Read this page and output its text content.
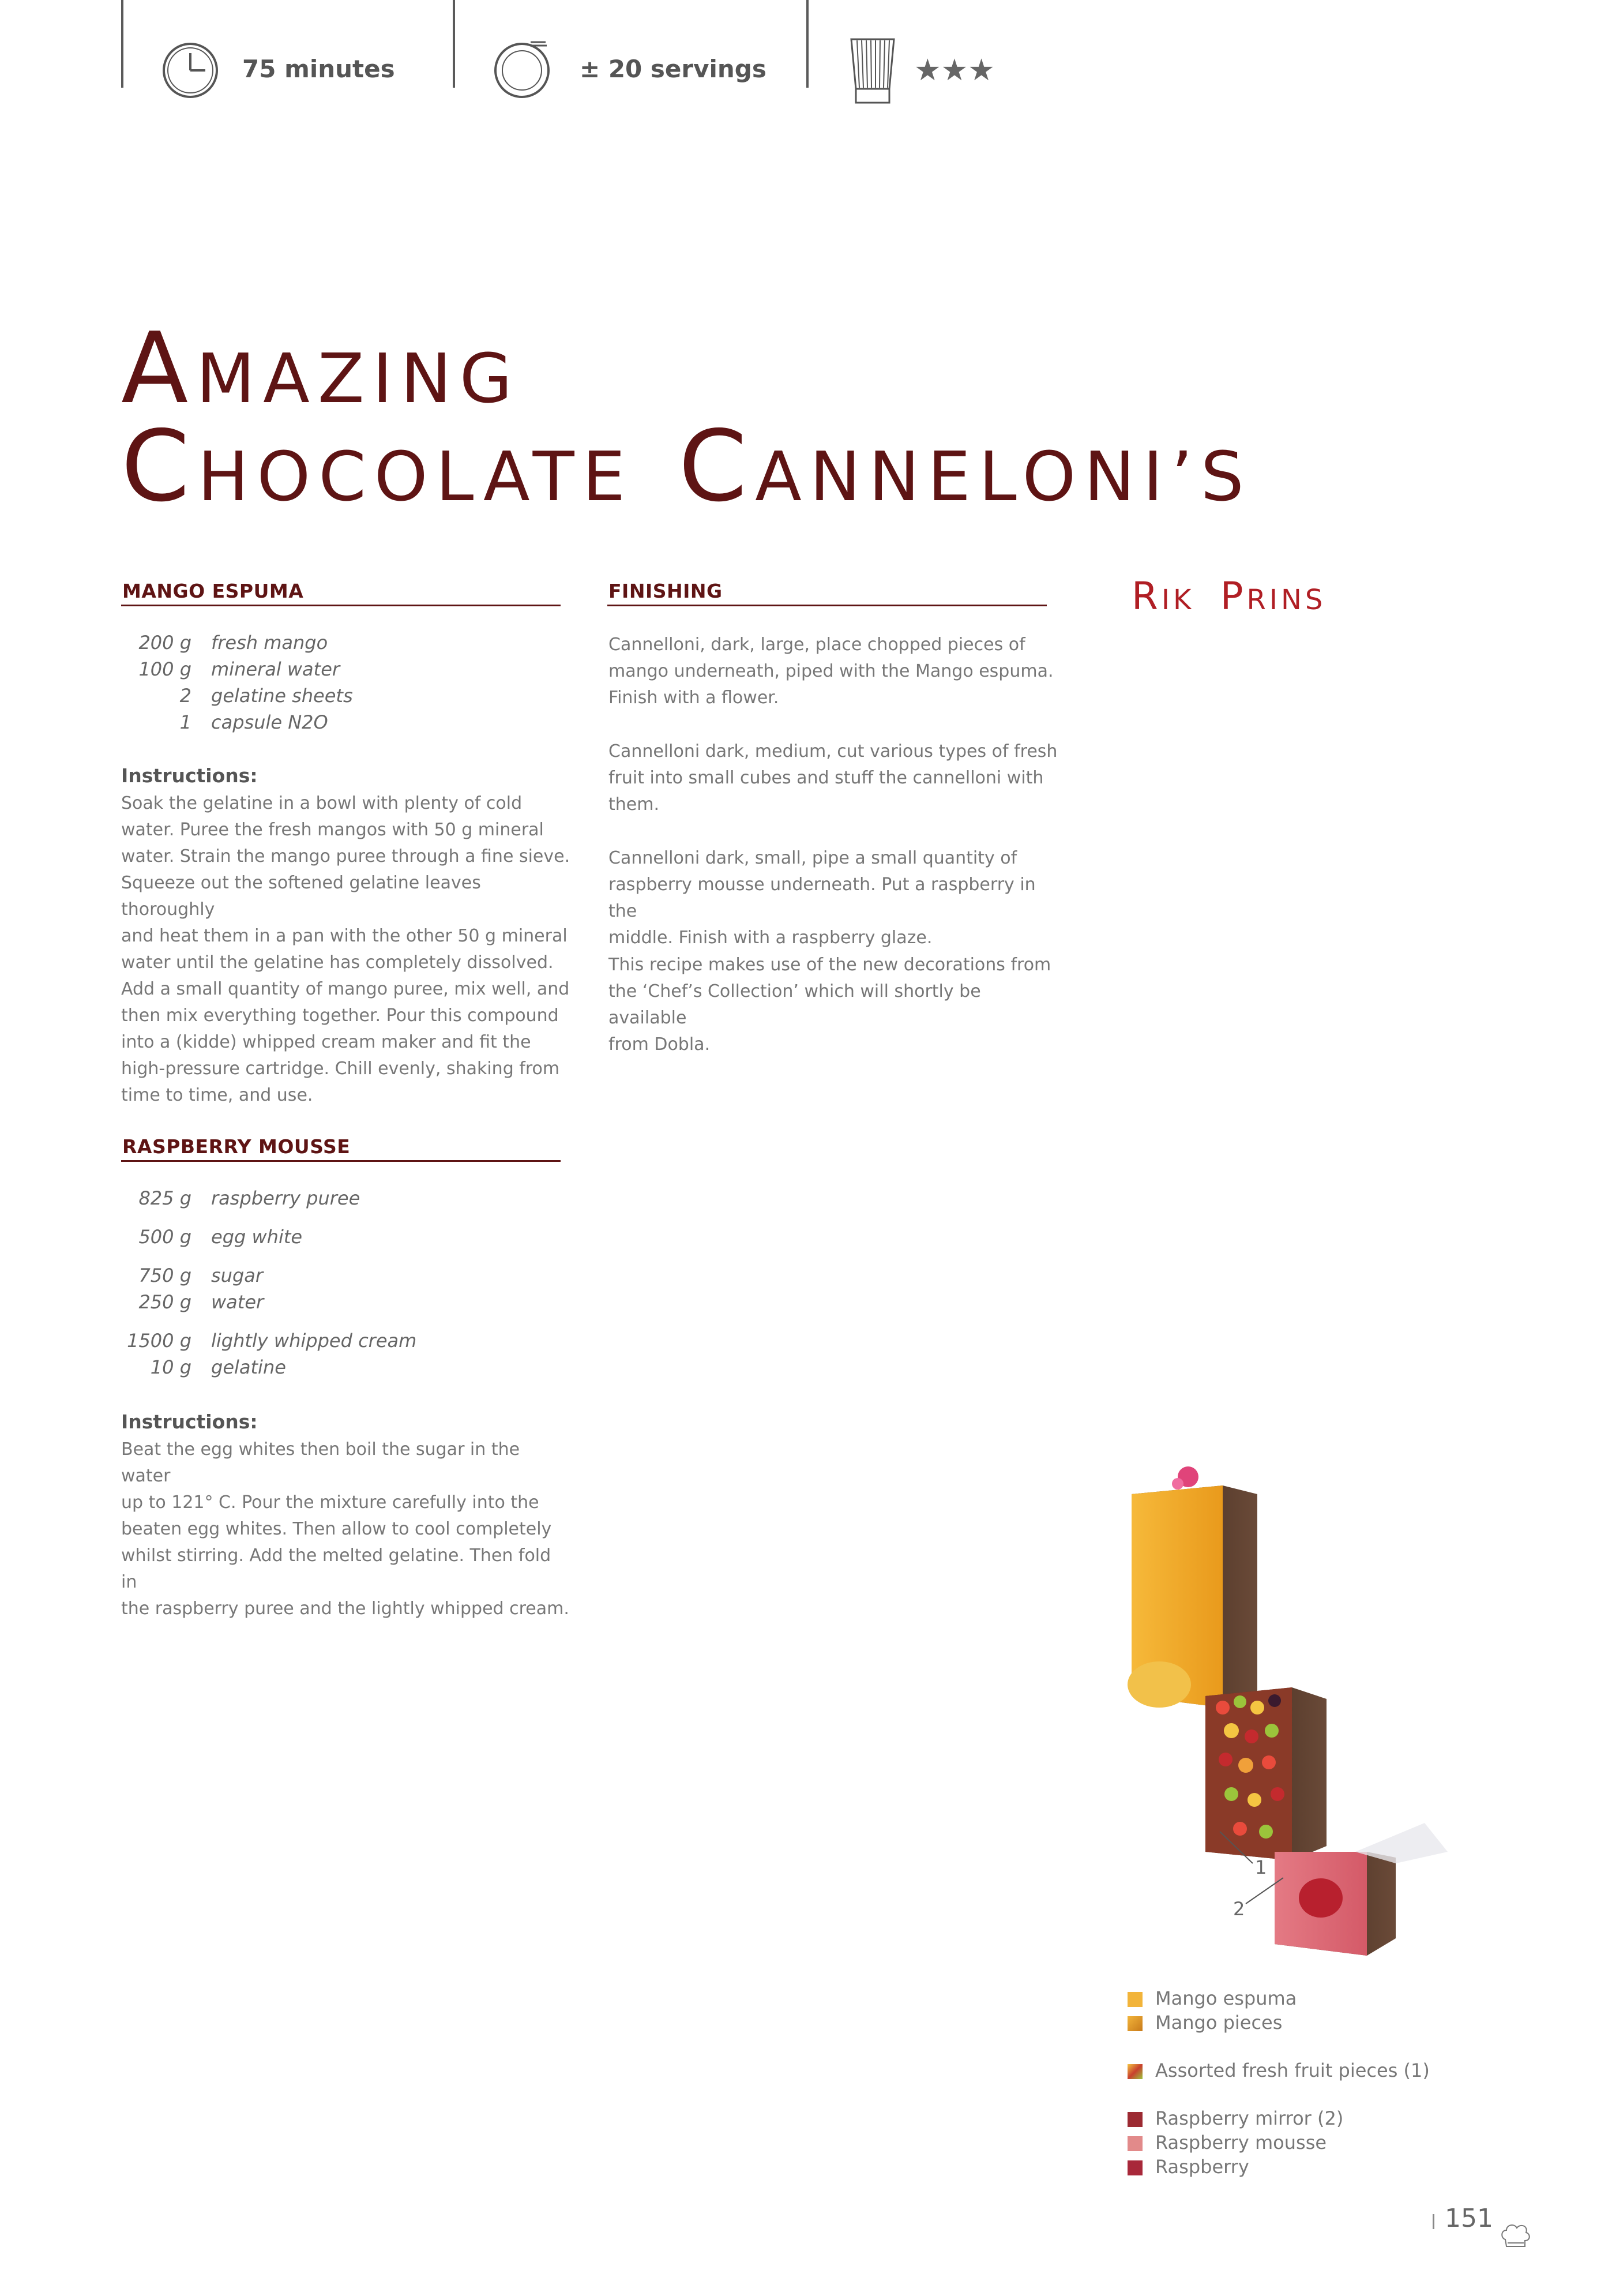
75 minutes	± 20 servings	★★★
AMAZING
CHOCOLATE CANNELONI’S
RIK PRINS
MANGO ESPUMA
200 g fresh mango
100 g mineral water
2 gelatine sheets
1 capsule N2O
Instructions:
Soak the gelatine in a bowl with plenty of cold
water. Puree the fresh mangos with 50 g mineral
water. Strain the mango puree through a fine sieve.
Squeeze out the softened gelatine leaves thoroughly
and heat them in a pan with the other 50 g mineral
water until the gelatine has completely dissolved.
Add a small quantity of mango puree, mix well, and
then mix everything together. Pour this compound
into a (kidde) whipped cream maker and fit the
high-pressure cartridge. Chill evenly, shaking from
time to time, and use.
RASPBERRY MOUSSE
825 g raspberry puree
500 g egg white
750 g sugar
250 g water
1500 g lightly whipped cream
10 g gelatine
Instructions:
Beat the egg whites then boil the sugar in the water
up to 121° C. Pour the mixture carefully into the
beaten egg whites. Then allow to cool completely
whilst stirring. Add the melted gelatine. Then fold in
the raspberry puree and the lightly whipped cream.
FINISHING
Cannelloni, dark, large, place chopped pieces of
mango underneath, piped with the Mango espuma.
Finish with a flower.
Cannelloni dark, medium, cut various types of fresh
fruit into small cubes and stuff the cannelloni with
them.
Cannelloni dark, small, pipe a small quantity of
raspberry mousse underneath. Put a raspberry in the
middle. Finish with a raspberry glaze.
This recipe makes use of the new decorations from
the ‘Chef’s Collection’ which will shortly be available
from Dobla.
1
2
Mango espuma
Mango pieces
Assorted fresh fruit pieces (1)
Raspberry mirror (2)
Raspberry mousse
Raspberry
151
